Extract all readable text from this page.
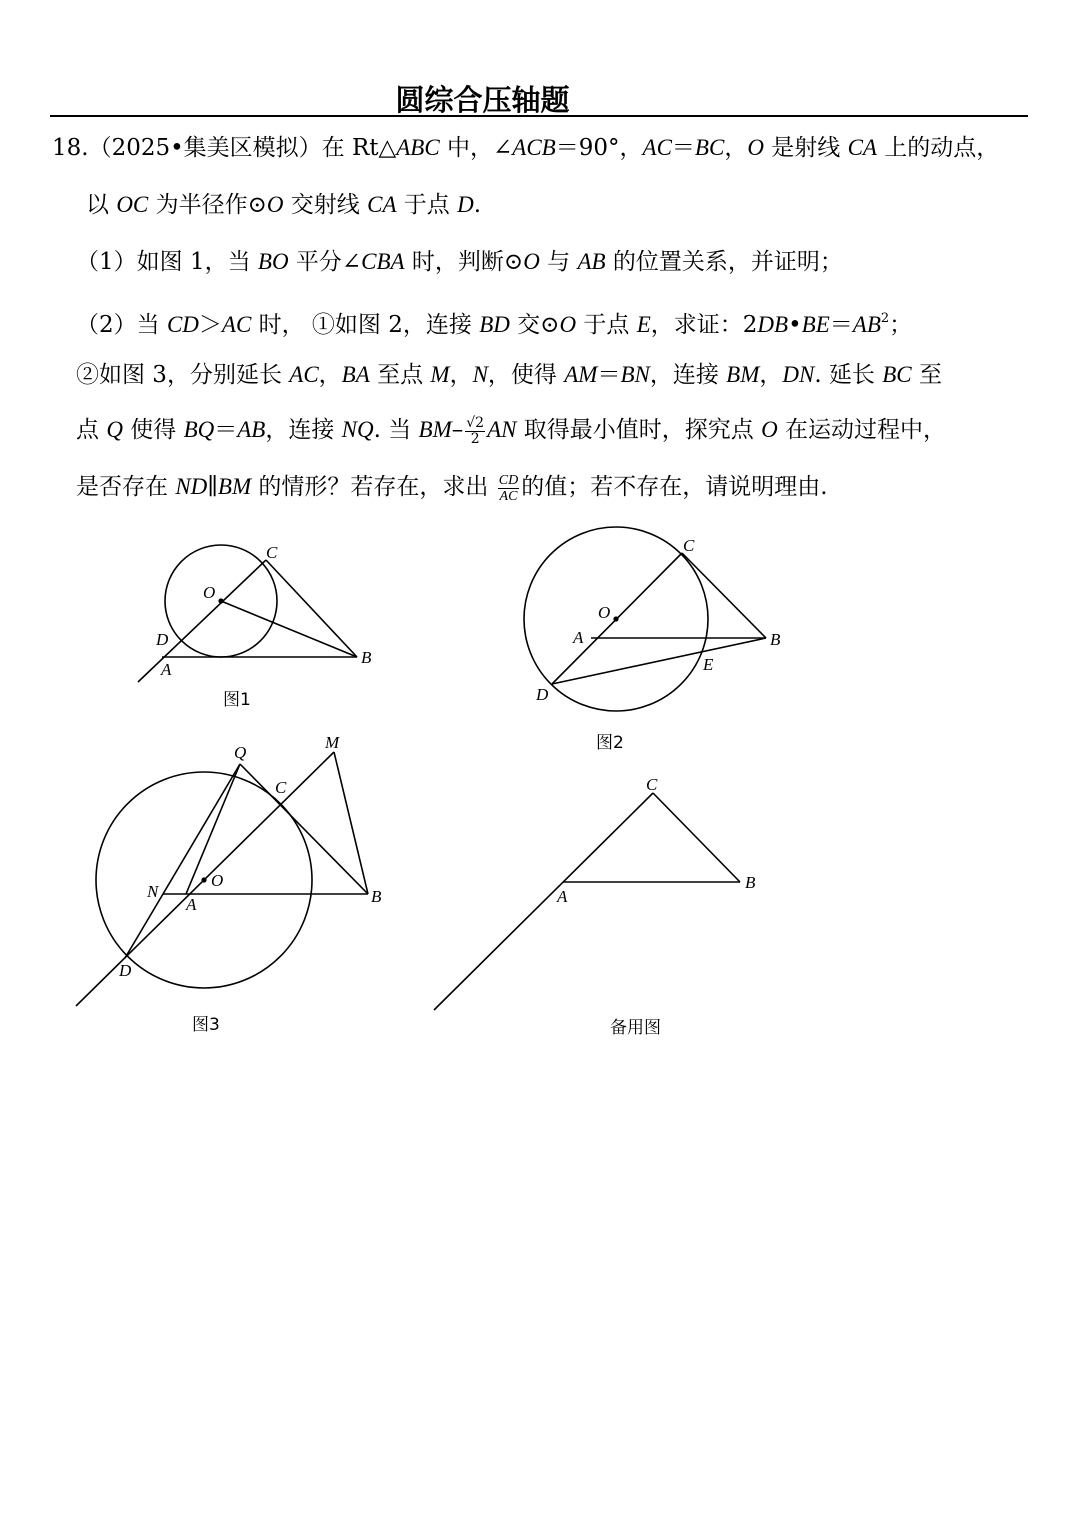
圆综合压轴题
18.（2025•集美区模拟）在 Rt△ABC 中，∠ACB＝90°，AC＝BC，O 是射线 CA 上的动点，
以 OC 为半径作⊙O 交射线 CA 于点 D.
（1）如图 1，当 BO 平分∠CBA 时，判断⊙O 与 AB 的位置关系，并证明；
（2）当 CD＞AC 时， ①如图 2，连接 BD 交⊙O 于点 E，求证：$2DB•BE=AB^2$；
②如图 3，分别延长 AC，BA 至点 M，N，使得 AM＝BN，连接 BM，DN. 延长 BC 至
点 Q 使得 BQ＝AB，连接 NQ. 当 $BM- \frac{√2}{2}$ AN 取得最小值时，探究点 O 在运动过程中，
是否存在 ND∥BM 的情形？若存在，求出 $\frac{CD}{AC}$ 的值；若不存在，请说明理由.
C
O
D
A
B
图1
C
O
A	B
E
D
图2
Q
M
C
N
O
A	B
D
图3
C
A
B
备用图
